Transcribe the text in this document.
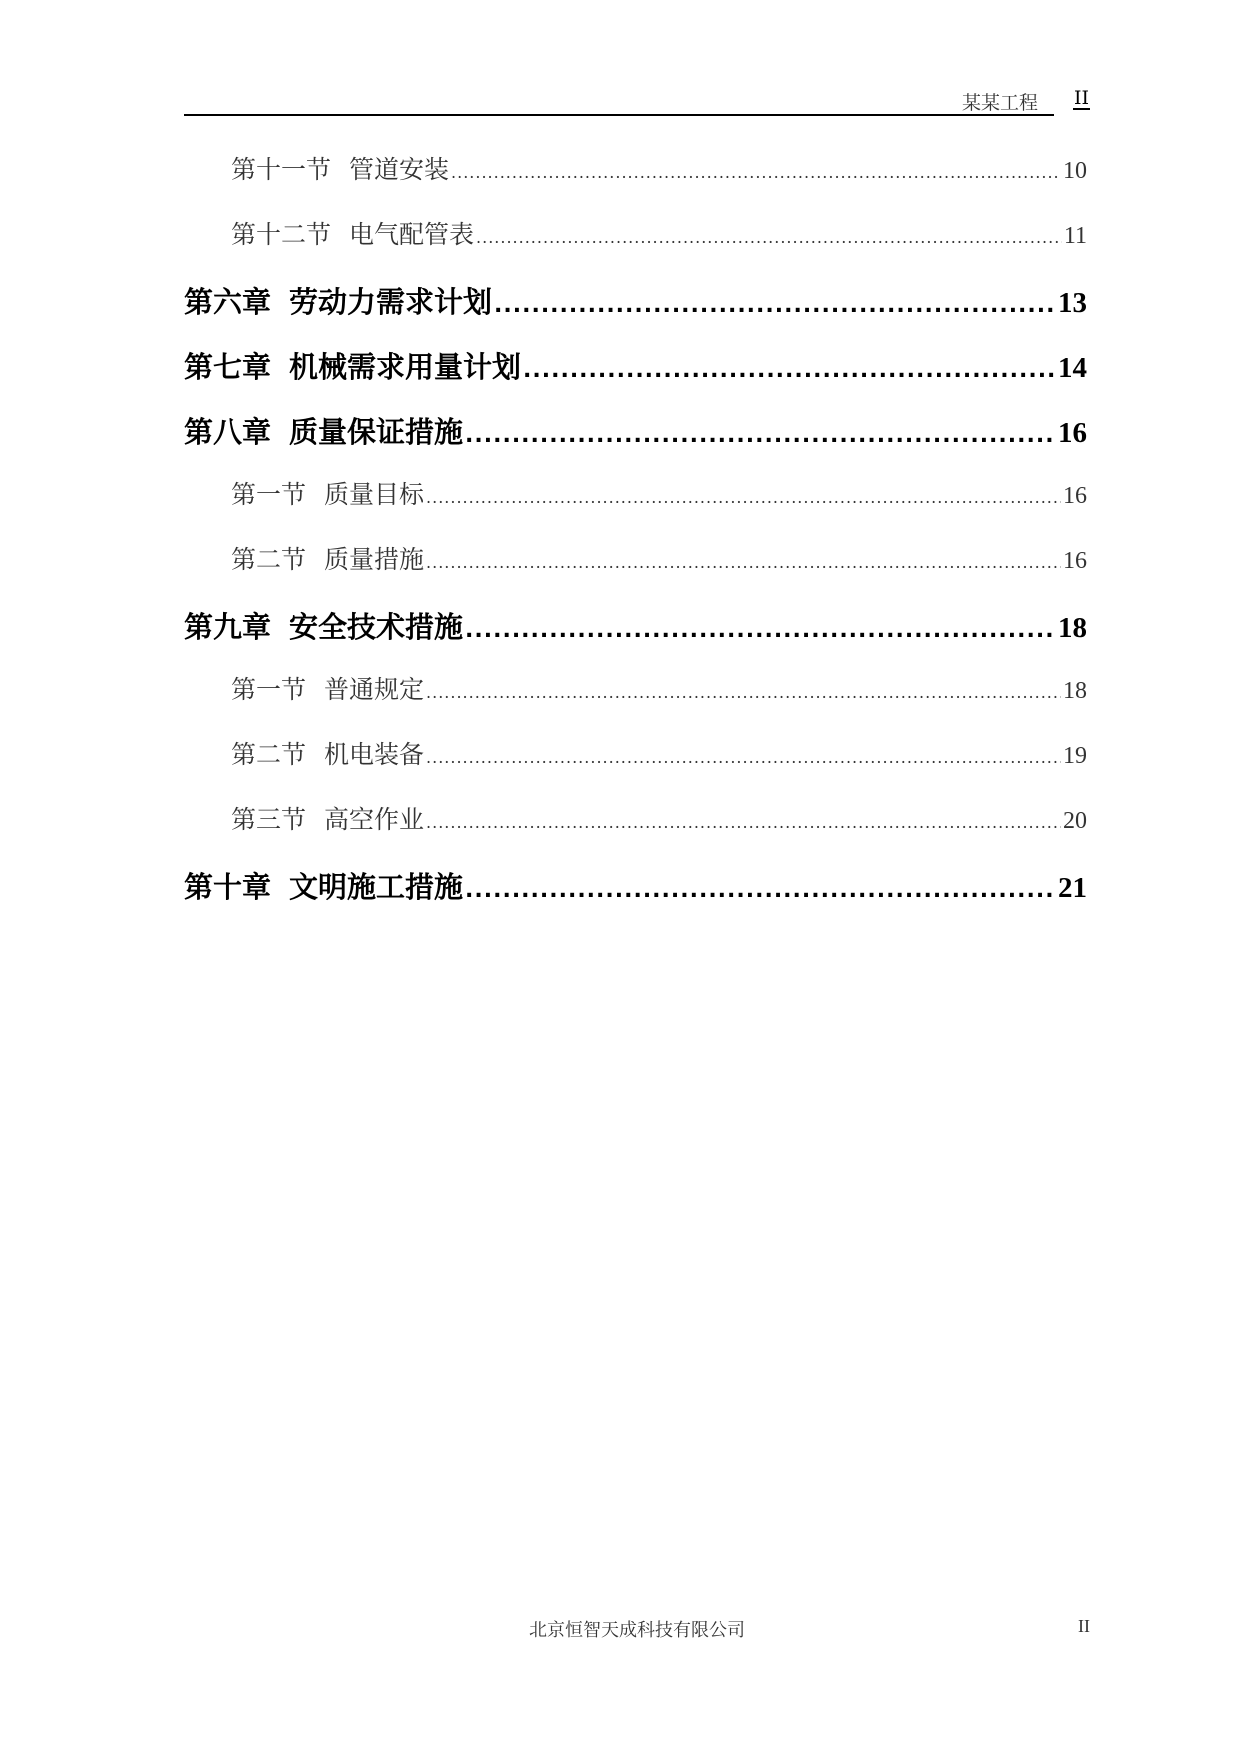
某某工程 II
第十一节 管道安装 .....	10
第十二节 电气配管表 .....	11
第六章 劳动力需求计划 .....	13
第七章 机械需求用量计划 .....	14
第八章 质量保证措施 .....	16
第一节 质量目标 .....	16
第二节 质量措施 .....	16
第九章 安全技术措施 .....	18
第一节 普通规定 .....	18
第二节 机电装备 .....	19
第三节 高空作业 .....	20
第十章 文明施工措施 .....	21
北京恒智天成科技有限公司	II
